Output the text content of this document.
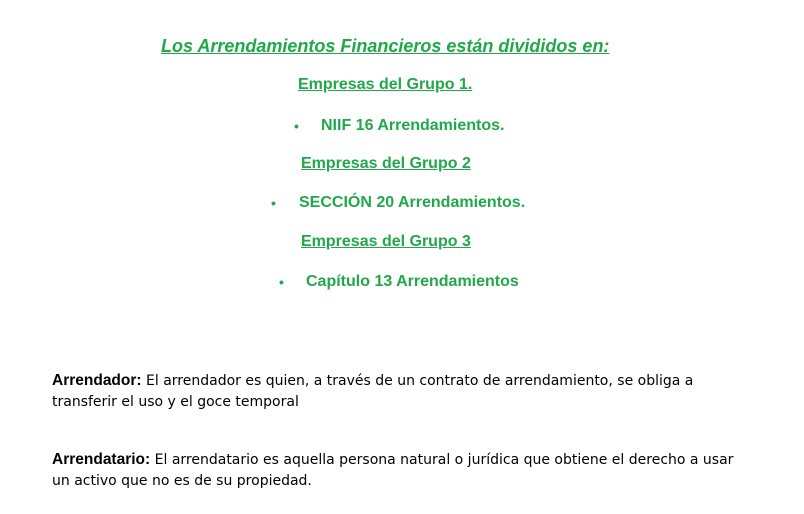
Los Arrendamientos Financieros están divididos en:
Empresas del Grupo 1.
• NIIF 16 Arrendamientos.
Empresas del Grupo 2
• SECCIÓN 20 Arrendamientos.
Empresas del Grupo 3
• Capítulo 13 Arrendamientos
Arrendador: El arrendador es quien, a través de un contrato de arrendamiento, se obliga a transferir el uso y el goce temporal
Arrendatario: El arrendatario es aquella persona natural o jurídica que obtiene el derecho a usar un activo que no es de su propiedad.
